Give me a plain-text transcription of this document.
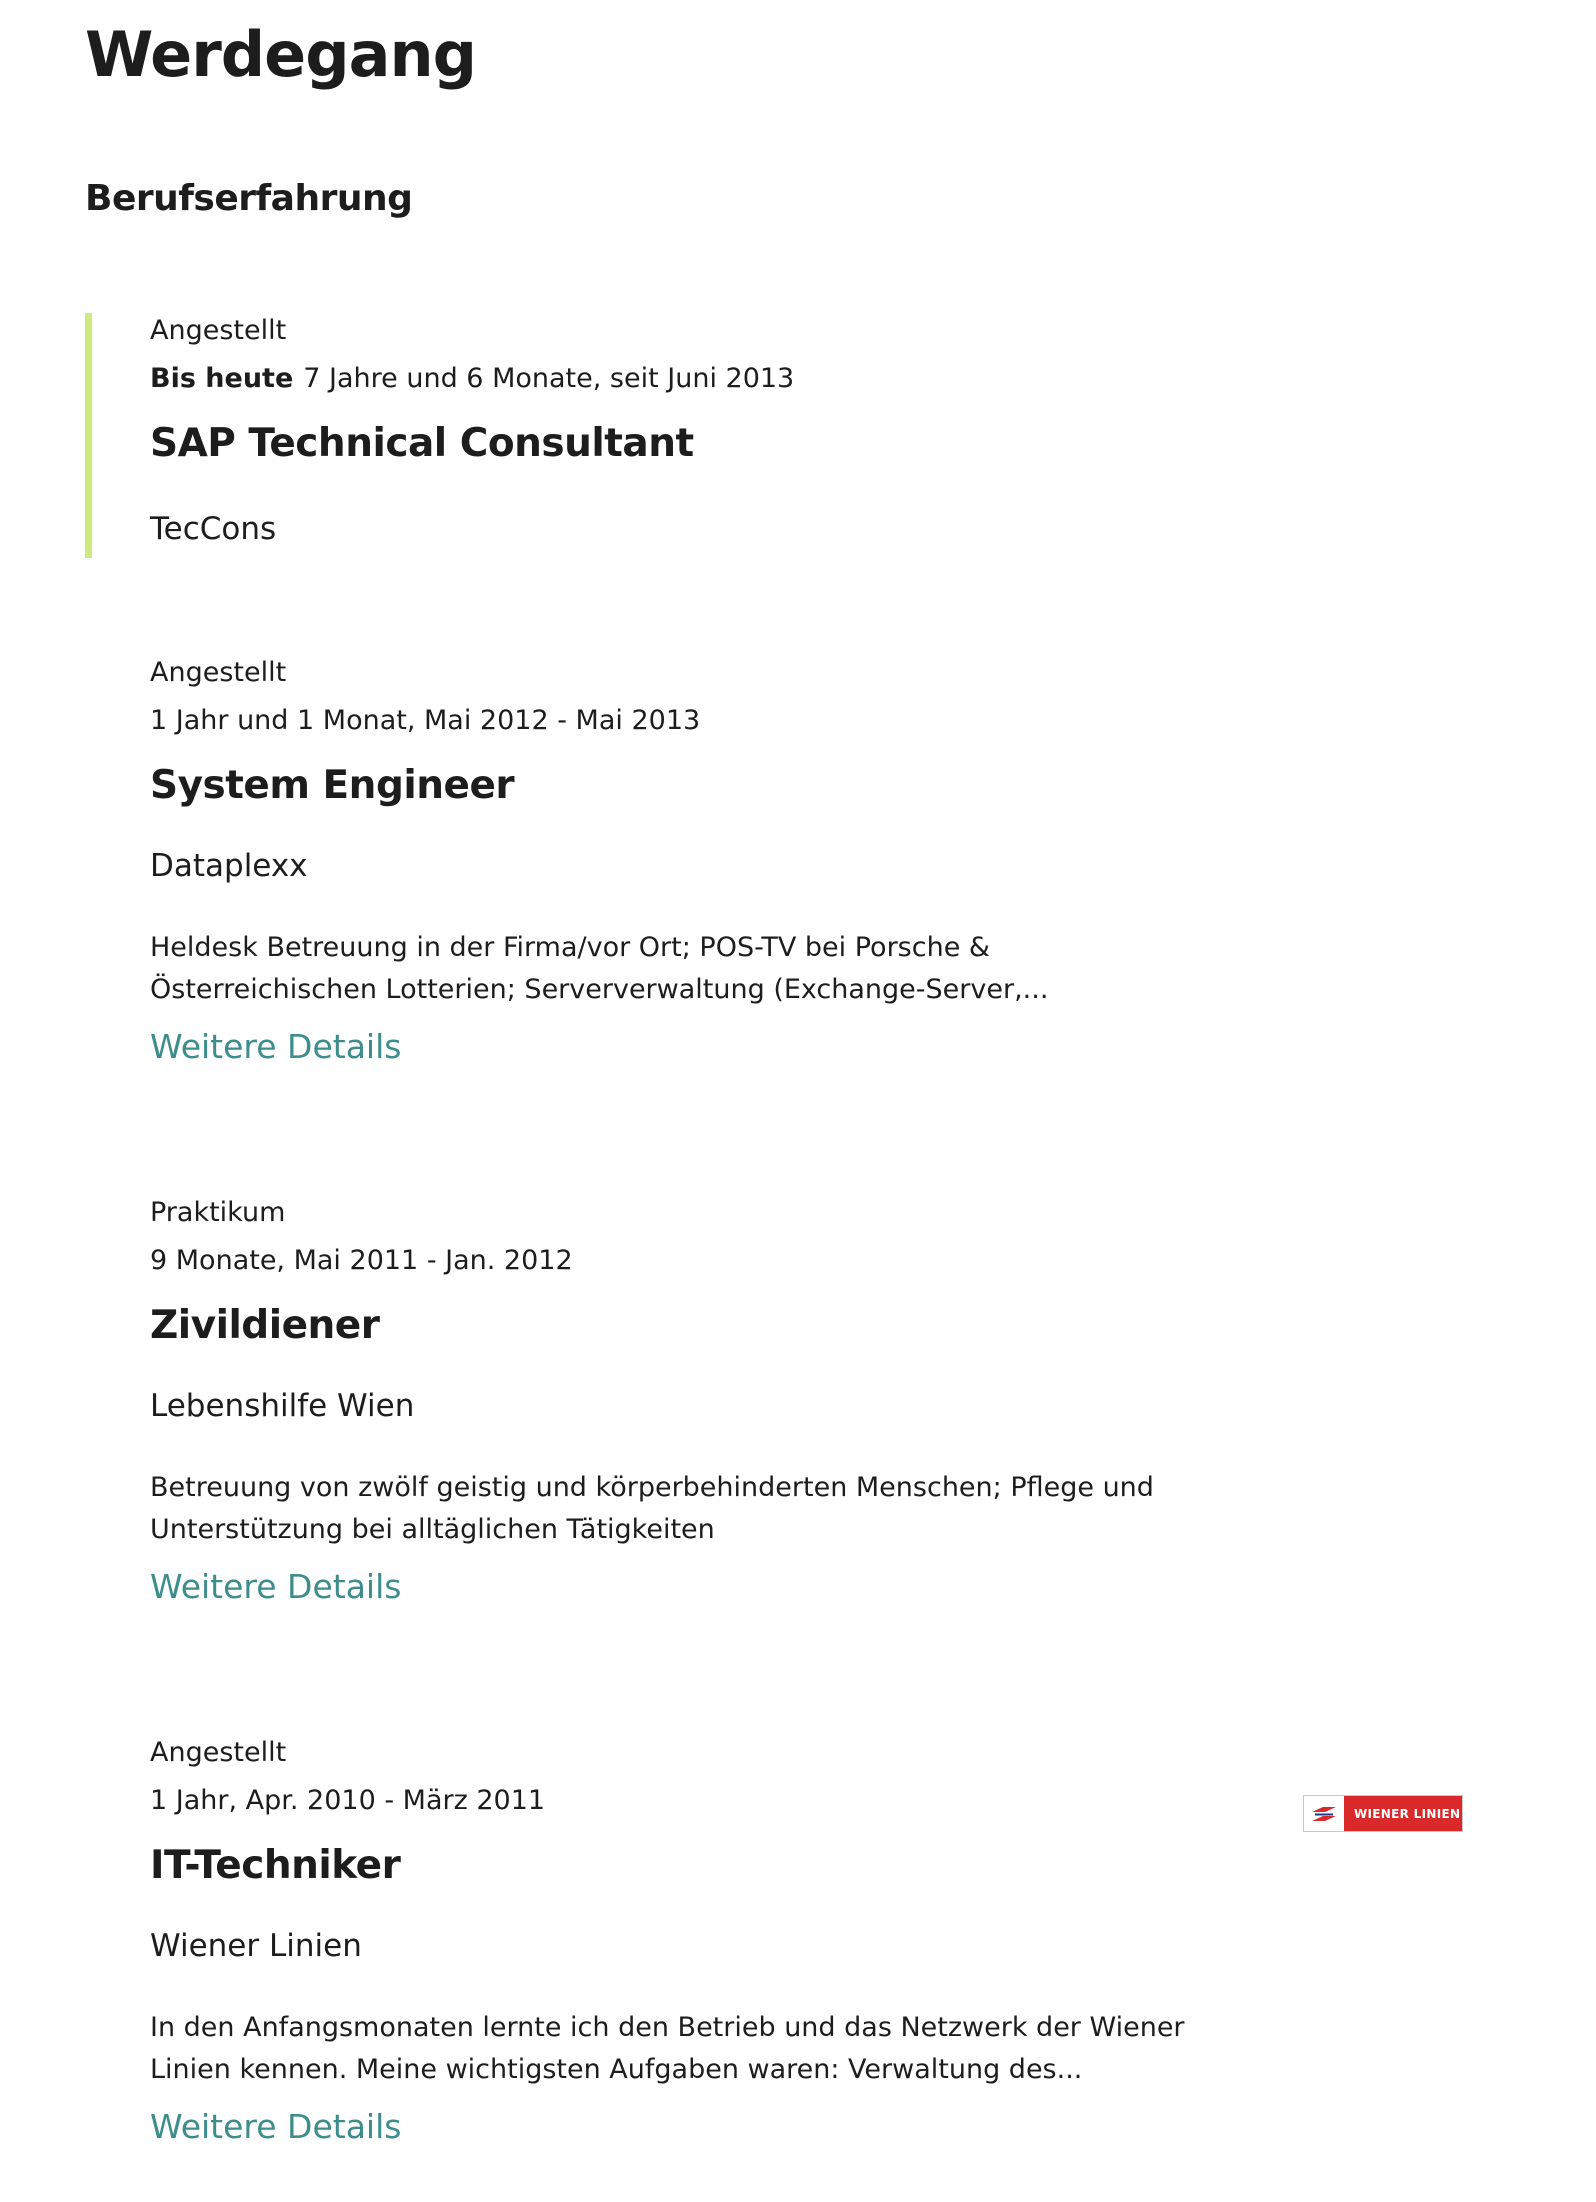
Werdegang
Berufserfahrung
Angestellt
Bis heute 7 Jahre und 6 Monate, seit Juni 2013
SAP Technical Consultant
TecCons
Angestellt
1 Jahr und 1 Monat, Mai 2012 - Mai 2013
System Engineer
Dataplexx
Heldesk Betreuung in der Firma/vor Ort; POS-TV bei Porsche &
Österreichischen Lotterien; Serververwaltung (Exchange-Server,...
Weitere Details
Praktikum
9 Monate, Mai 2011 - Jan. 2012
Zivildiener
Lebenshilfe Wien
Betreuung von zwölf geistig und körperbehinderten Menschen; Pflege und
Unterstützung bei alltäglichen Tätigkeiten
Weitere Details
Angestellt
1 Jahr, Apr. 2010 - März 2011
IT-Techniker
Wiener Linien
In den Anfangsmonaten lernte ich den Betrieb und das Netzwerk der Wiener
Linien kennen. Meine wichtigsten Aufgaben waren: Verwaltung des...
Weitere Details
WIENER LINIEN
